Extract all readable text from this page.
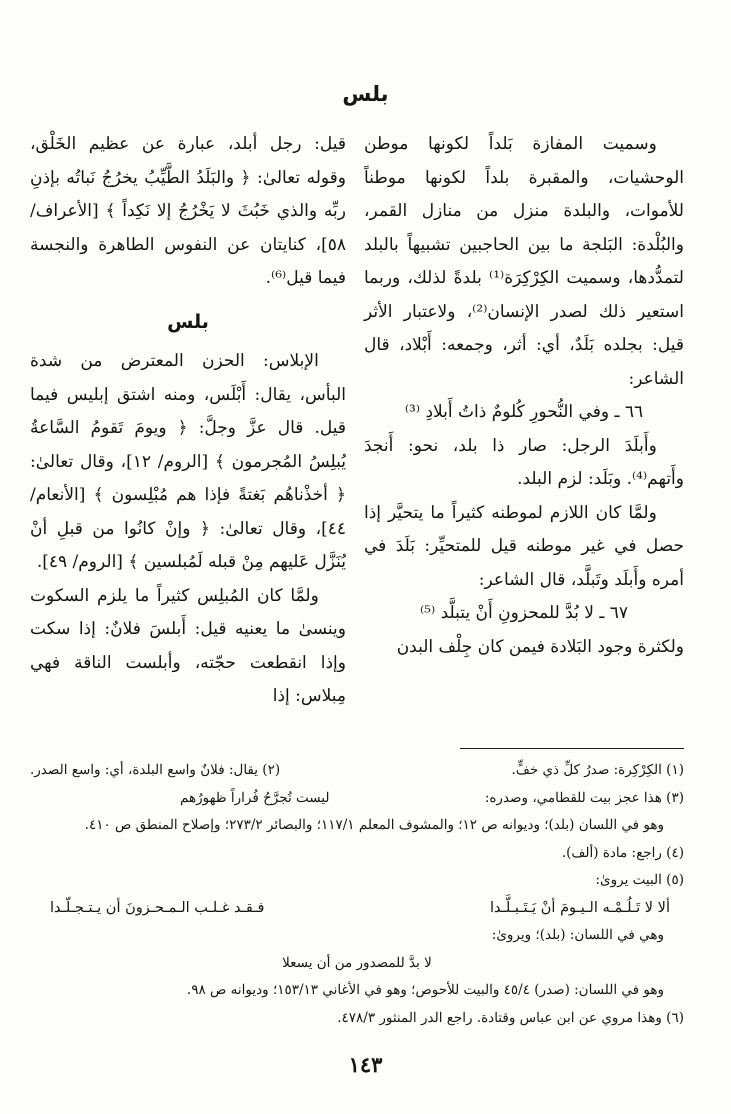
بلس

وسميت المفازة بَلداً لكونها موطن الوحشيات، والمقبرة بلداً لكونها موطناً للأموات، والبلدة منزل من منازل القمر، والبُلْدة: البَلجة ما بين الحاجبين تشبيهاً بالبلد لتمدُّدها، وسميت الكِرْكِرَة⁽¹⁾ بلدةً لذلك، وربما استعير ذلك لصدر الإنسان⁽²⁾، ولاعتبار الأثر قيل: بجلده بَلَدٌ، أي: أثر، وجمعه: أَبْلاد، قال الشاعر:

٦٦ ـ وفي النُّحورِ كُلومٌ ذاتُ أَبلادِ ⁽³⁾

وأَبلَدَ الرجل: صار ذا بلد، نحو: أَنجدَ وأَتهم⁽⁴⁾. وبَلَد: لزم البلد.

ولمَّا كان اللازم لموطنه كثيراً ما يتحيَّر إذا حصل في غير موطنه قيل للمتحيِّر: بَلَدَ في أمره وأَبلَد وتَبلَّد، قال الشاعر:

٦٧ ـ لا بُدَّ للمحزونِ أَنْ يتبلَّد ⁽⁵⁾

ولكثرة وجود البَلادة فيمن كان جِلْف البدن

قيل: رجل أبلد، عبارة عن عظيم الخَلْق، وقوله تعالىٰ: ﴿ والبَلَدُ الطَّيِّبُ يخرُجُ نَباتُه بإذنِ ربِّه والذي خَبُثَ لا يَخْرُجُ إلا نَكِداً ﴾ [الأعراف/ ٥٨]، كنايتان عن النفوس الطاهرة والنجسة فيما قيل⁽⁶⁾.

بلس

الإبلاس: الحزن المعترض من شدة البأس، يقال: أَبْلَس، ومنه اشتق إبليس فيما قيل. قال عزَّ وجلَّ: ﴿ ويومَ تَقومُ السَّاعةُ يُبلِسُ المُجرمون ﴾ [الروم/ ١٢]، وقال تعالىٰ: ﴿ أخذْناهُم بَغتةً فإذا هم مُبْلِسون ﴾ [الأنعام/ ٤٤]، وقال تعالىٰ: ﴿ وإنْ كانُوا من قبلِ أنْ يُنَزَّل عَليهم مِنْ قبله لَمُبلسين ﴾ [الروم/ ٤٩].

ولمَّا كان المُبلِس كثيراً ما يلزم السكوت وينسىٰ ما يعنيه قيل: أَبلسَ فلانٌ: إذا سكت وإذا انقطعت حجّته، وأبلست الناقة فهي مِبلاس: إذا

(١) الكِرْكِرة: صدرُ كلِّ ذي خفٍّ.
(٢) يقال: فلانٌ واسع البلدة، أي: واسع الصدر.
(٣) هذا عجز بيت للقطامي، وصدره:
ليست تُجرَّحُ فُراراً ظهورُهم

وهو في اللسان (بلد)؛ وديوانه ص ١٢؛ والمشوف المعلم ١١٧/١؛ والبصائر ٢٧٣/٢؛ وإصلاح المنطق ص ٤١٠.

(٤) راجع: مادة (ألف).

(٥) البيت يروىٰ:

ألا لا تَـلُـمْـه الـيـومَ أنْ يَـتَـبـلَّـدا
فـقـد غـلـب الـمـحـزونَ أن يـتـجـلّـدا

وهي في اللسان: (بلد)؛ ويروىٰ:

لا بدَّ للمصدور من أن يسعلا

وهو في اللسان: (صدر) ٤٥/٤ والبيت للأحوص؛ وهو في الأغاني ١٥٣/١٣؛ وديوانه ص ٩٨.

(٦) وهذا مروي عن ابن عباس وقتادة. راجع الدر المنثور ٤٧٨/٣.

١٤٣
